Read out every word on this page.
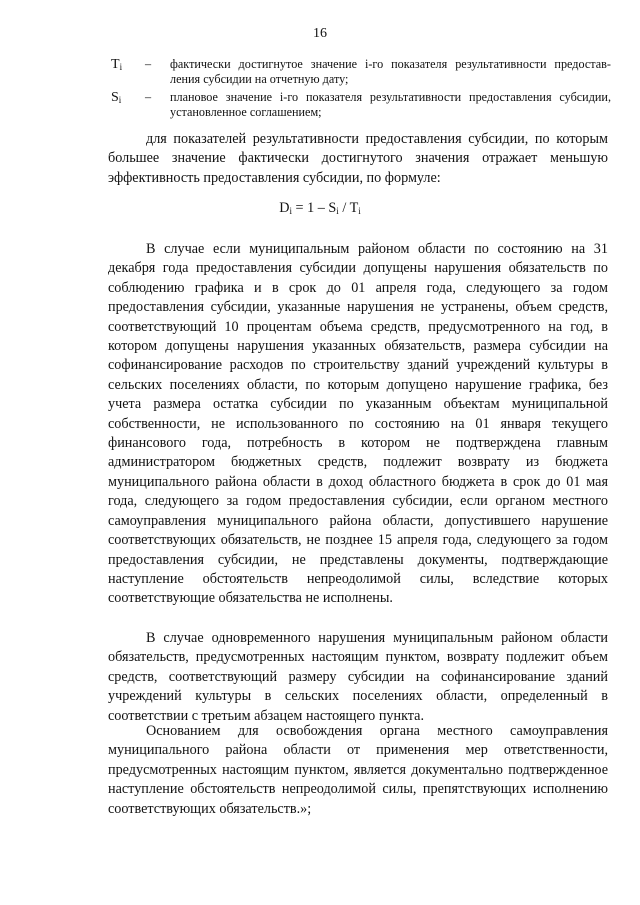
16
$T_i$ – фактически достигнутое значение i-го показателя результативности предостав-ления субсидии на отчетную дату;
$S_i$ – плановое значение i-го показателя результативности предоставления субсидии, установленное соглашением;

для показателей результативности предоставления субсидии, по которым большее значение фактически достигнутого значения отражает меньшую эффективность предоставления субсидии, по формуле:

$D_i = 1 - S_i / T_i$

В случае если муниципальным районом области по состоянию на 31 декабря года предоставления субсидии допущены нарушения обязательств по соблюдению графика и в срок до 01 апреля года, следующего за годом предоставления субсидии, указанные нарушения не устранены, объем средств, соответствующий 10 процентам объема средств, предусмотренного на год, в котором допущены нарушения указанных обязательств, размера субсидии на софинансирование расходов по строительству зданий учреждений культуры в сельских поселениях области, по которым допущено нарушение графика, без учета размера остатка субсидии по указанным объектам муниципальной собственности, не использованного по состоянию на 01 января текущего финансового года, потребность в котором не подтверждена главным администратором бюджетных средств, подлежит возврату из бюджета муниципального района области в доход областного бюджета в срок до 01 мая года, следующего за годом предоставления субсидии, если органом местного самоуправления муниципального района области, допустившего нарушение соответствующих обязательств, не позднее 15 апреля года, следующего за годом предоставления субсидии, не представлены документы, подтверждающие наступление обстоятельств непреодолимой силы, вследствие которых соответствующие обязательства не исполнены.

В случае одновременного нарушения муниципальным районом области обязательств, предусмотренных настоящим пунктом, возврату подлежит объем средств, соответствующий размеру субсидии на софинансирование зданий учреждений культуры в сельских поселениях области, определенный в соответствии с третьим абзацем настоящего пункта.

Основанием для освобождения органа местного самоуправления муниципального района области от применения мер ответственности, предусмотренных настоящим пунктом, является документально подтвержденное наступление обстоятельств непреодолимой силы, препятствующих исполнению соответствующих обязательств.»;
